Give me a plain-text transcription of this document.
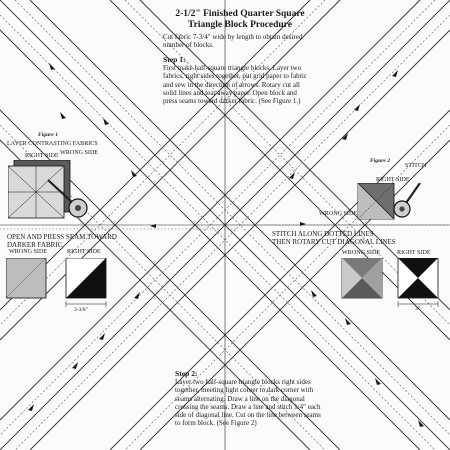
2-1/2" Finished Quarter Square
Triangle Block Procedure
Cut fabric 7-3/4" wide by length to obtain desired number of blocks.
Step 1:
First make half-square triangle blocks. Layer two fabrics, right sides together, pin grid paper to fabric and sew in the direction of arrows. Rotary cut all solid lines and tear away paper. Open block and press seams toward darker fabric. (See Figure 1.)
Figure 1
LAYER CONTRASTING FABRICS
RIGHT SIDE WRONG SIDE
Figure 2
STITCH
RIGHT SIDE
WRONG SIDE
OPEN AND PRESS SEAM TOWARD
DARKER FABRIC
WRONG SIDE	RIGHT SIDE
3-3/8"
STITCH ALONG DOTTED LINES
THEN ROTARY CUT DIAGONAL LINES
WRONG SIDE	RIGHT SIDE
3"
Step 2:
Layer two half-square triangle blocks right sides together, meeting light corner to dark corner with seams alternating. Draw a line on the diagonal crossing the seams. Draw a line and stitch 1/4" each side of diagonal line. Cut on the line between seams to form block. (See Figure 2)
